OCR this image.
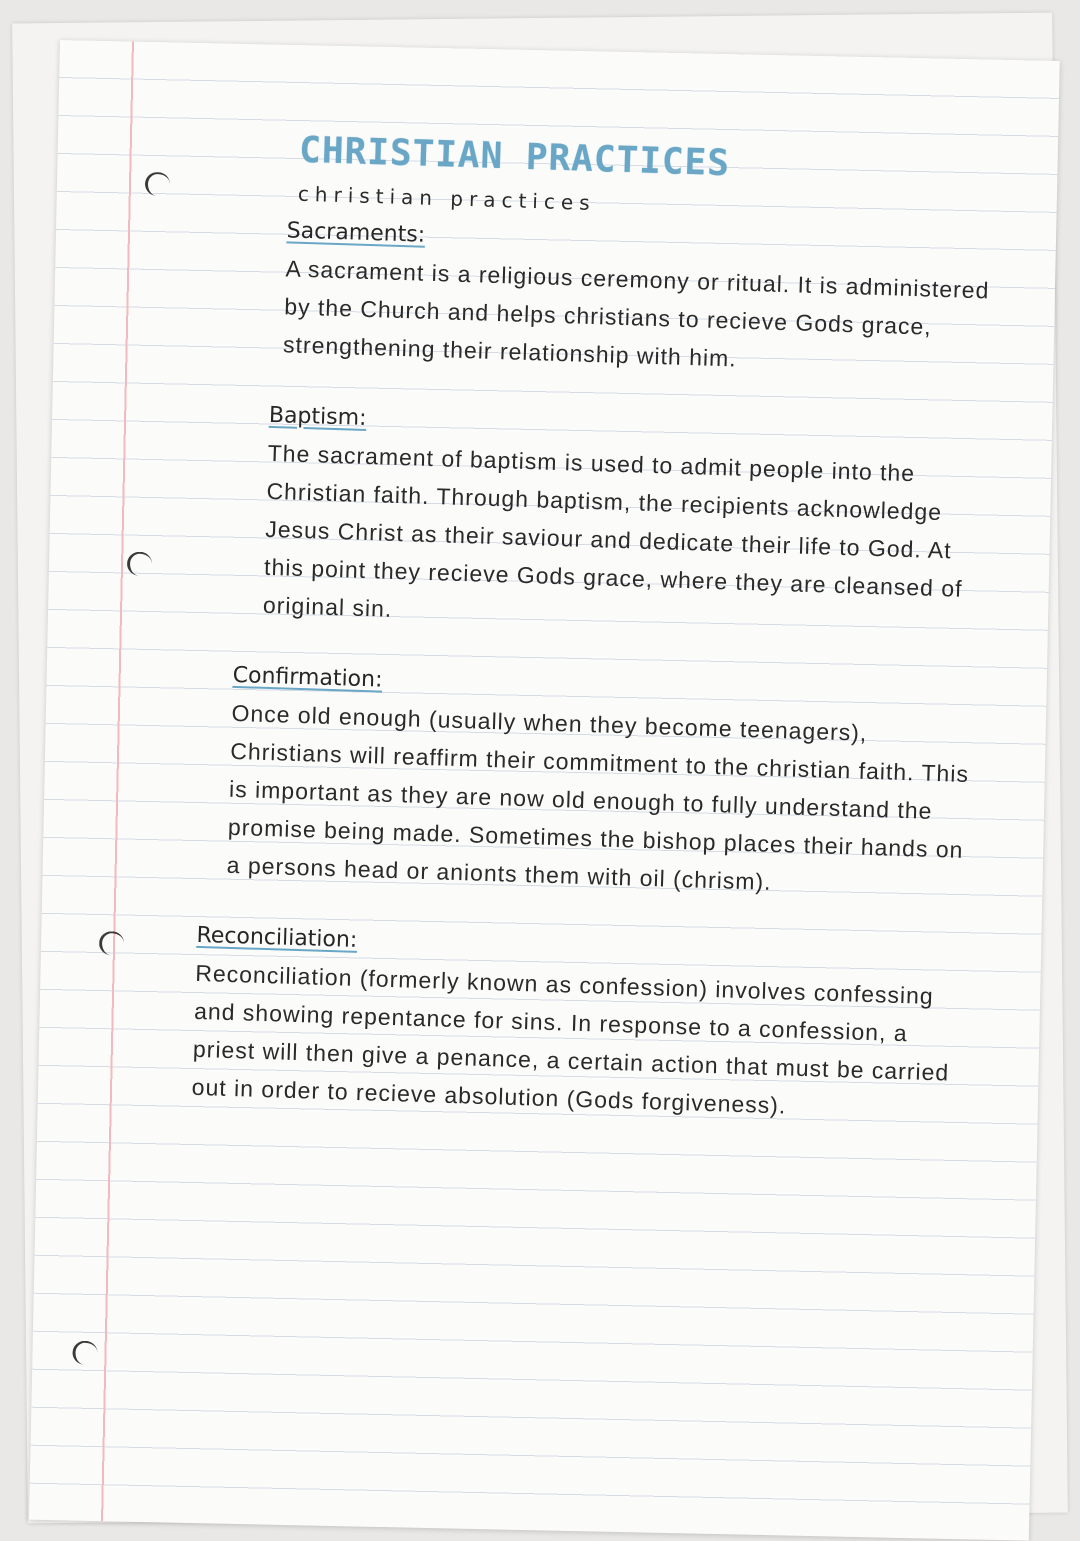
CHRISTIAN PRACTICES
christian practices

Sacraments:

A sacrament is a religious ceremony or ritual. It is administered by the Church and helps christians to recieve Gods grace, strengthening their relationship with him.

Baptism:

The sacrament of baptism is used to admit people into the Christian faith. Through baptism, the recipients acknowledge Jesus Christ as their saviour and dedicate their life to God. At this point they recieve Gods grace, where they are cleansed of original sin.

Confirmation:

Once old enough (usually when they become teenagers), Christians will reaffirm their commitment to the christian faith. This is important as they are now old enough to fully understand the promise being made. Sometimes the bishop places their hands on a persons head or anionts them with oil (chrism).

Reconciliation:

Reconciliation (formerly known as confession) involves confessing and showing repentance for sins. In response to a confession, a priest will then give a penance, a certain action that must be carried out in order to recieve absolution (Gods forgiveness).
